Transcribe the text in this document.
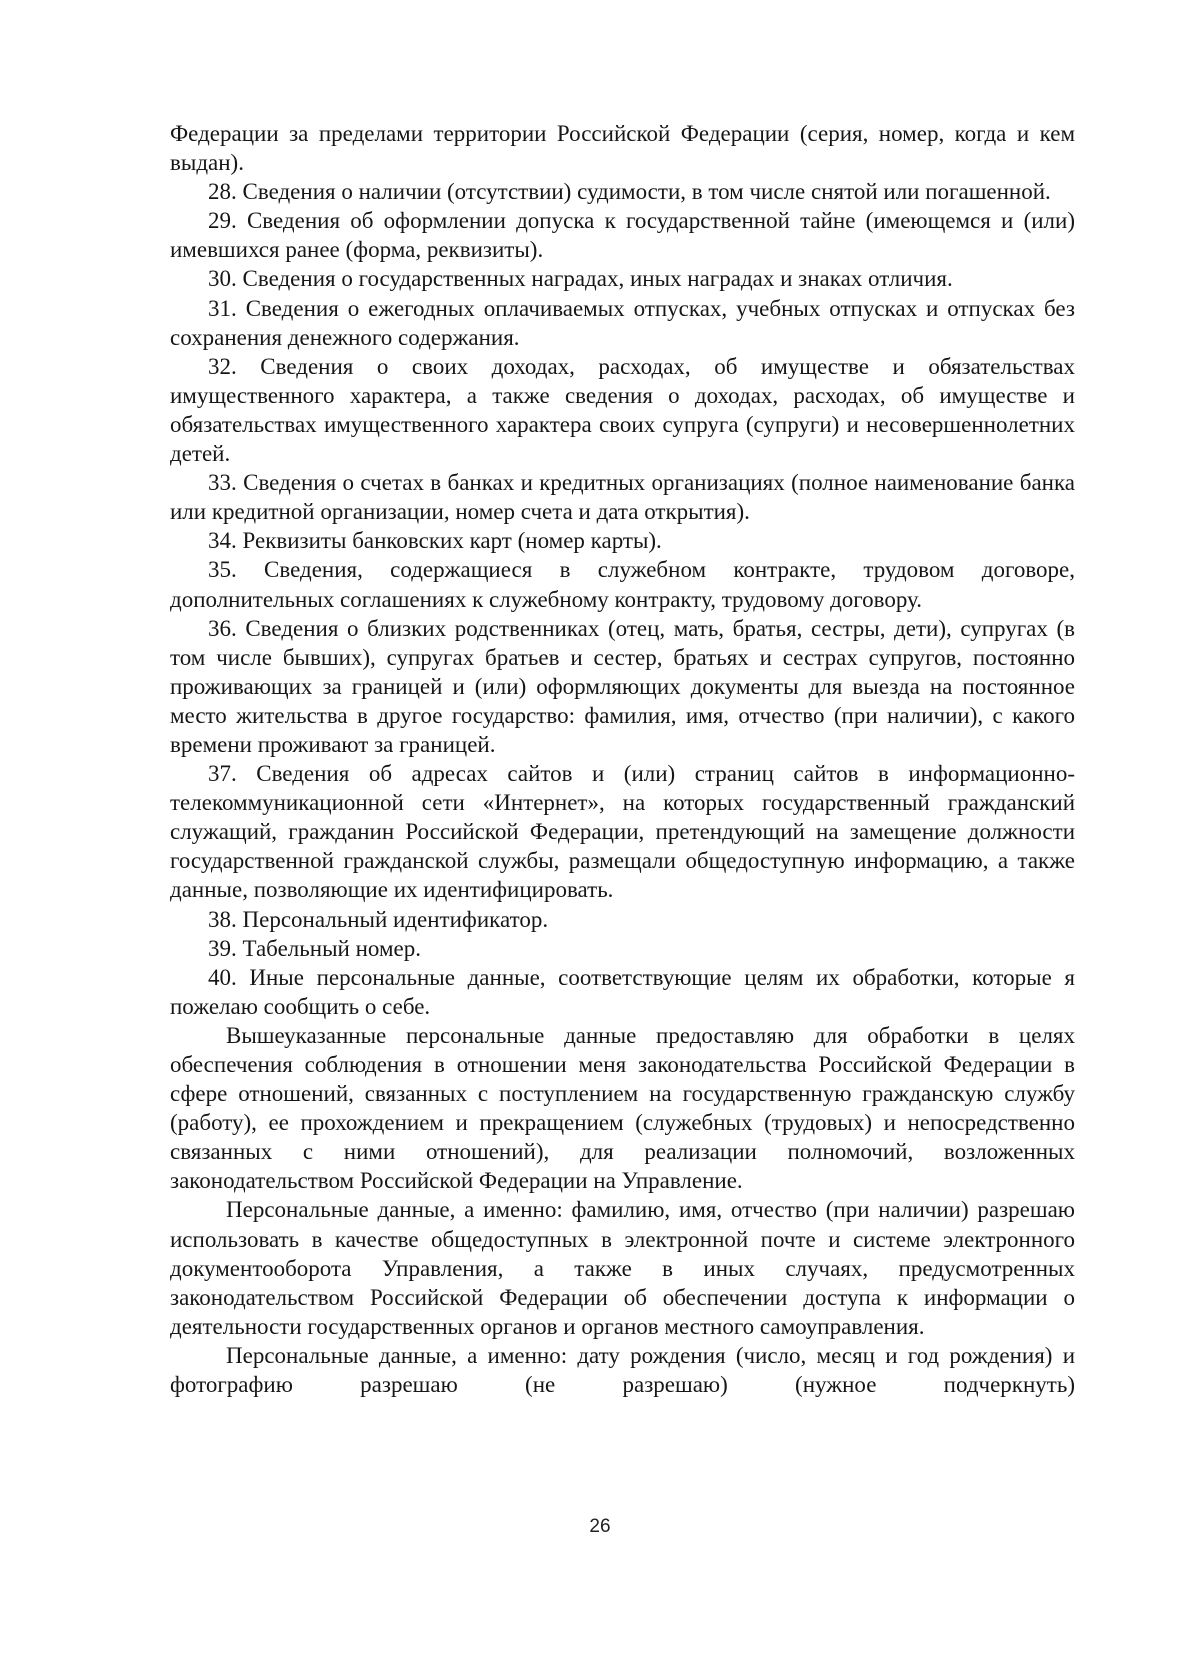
Федерации за пределами территории Российской Федерации (серия, номер, когда и кем выдан).

28. Сведения о наличии (отсутствии) судимости, в том числе снятой или погашенной.

29. Сведения об оформлении допуска к государственной тайне (имеющемся и (или) имевшихся ранее (форма, реквизиты).

30. Сведения о государственных наградах, иных наградах и знаках отличия.

31. Сведения о ежегодных оплачиваемых отпусках, учебных отпусках и отпусках без сохранения денежного содержания.

32. Сведения о своих доходах, расходах, об имуществе и обязательствах имущественного характера, а также сведения о доходах, расходах, об имуществе и обязательствах имущественного характера своих супруга (супруги) и несовершеннолетних детей.

33. Сведения о счетах в банках и кредитных организациях (полное наименование банка или кредитной организации, номер счета и дата открытия).

34. Реквизиты банковских карт (номер карты).

35. Сведения, содержащиеся в служебном контракте, трудовом договоре, дополнительных соглашениях к служебному контракту, трудовому договору.

36. Сведения о близких родственниках (отец, мать, братья, сестры, дети), супругах (в том числе бывших), супругах братьев и сестер, братьях и сестрах супругов, постоянно проживающих за границей и (или) оформляющих документы для выезда на постоянное место жительства в другое государство: фамилия, имя, отчество (при наличии), с какого времени проживают за границей.

37. Сведения об адресах сайтов и (или) страниц сайтов в информационно-телекоммуникационной сети «Интернет», на которых государственный гражданский служащий, гражданин Российской Федерации, претендующий на замещение должности государственной гражданской службы, размещали общедоступную информацию, а также данные, позволяющие их идентифицировать.

38. Персональный идентификатор.

39. Табельный номер.

40. Иные персональные данные, соответствующие целям их обработки, которые я пожелаю сообщить о себе.

Вышеуказанные персональные данные предоставляю для обработки в целях обеспечения соблюдения в отношении меня законодательства Российской Федерации в сфере отношений, связанных с поступлением на государственную гражданскую службу (работу), ее прохождением и прекращением (служебных (трудовых) и непосредственно связанных с ними отношений), для реализации полномочий, возложенных законодательством Российской Федерации на Управление.

Персональные данные, а именно: фамилию, имя, отчество (при наличии) разрешаю использовать в качестве общедоступных в электронной почте и системе электронного документооборота Управления, а также в иных случаях, предусмотренных законодательством Российской Федерации об обеспечении доступа к информации о деятельности государственных органов и органов местного самоуправления.

Персональные данные, а именно: дату рождения (число, месяц и год рождения) и фотографию разрешаю (не разрешаю) (нужное подчеркнуть)

26
